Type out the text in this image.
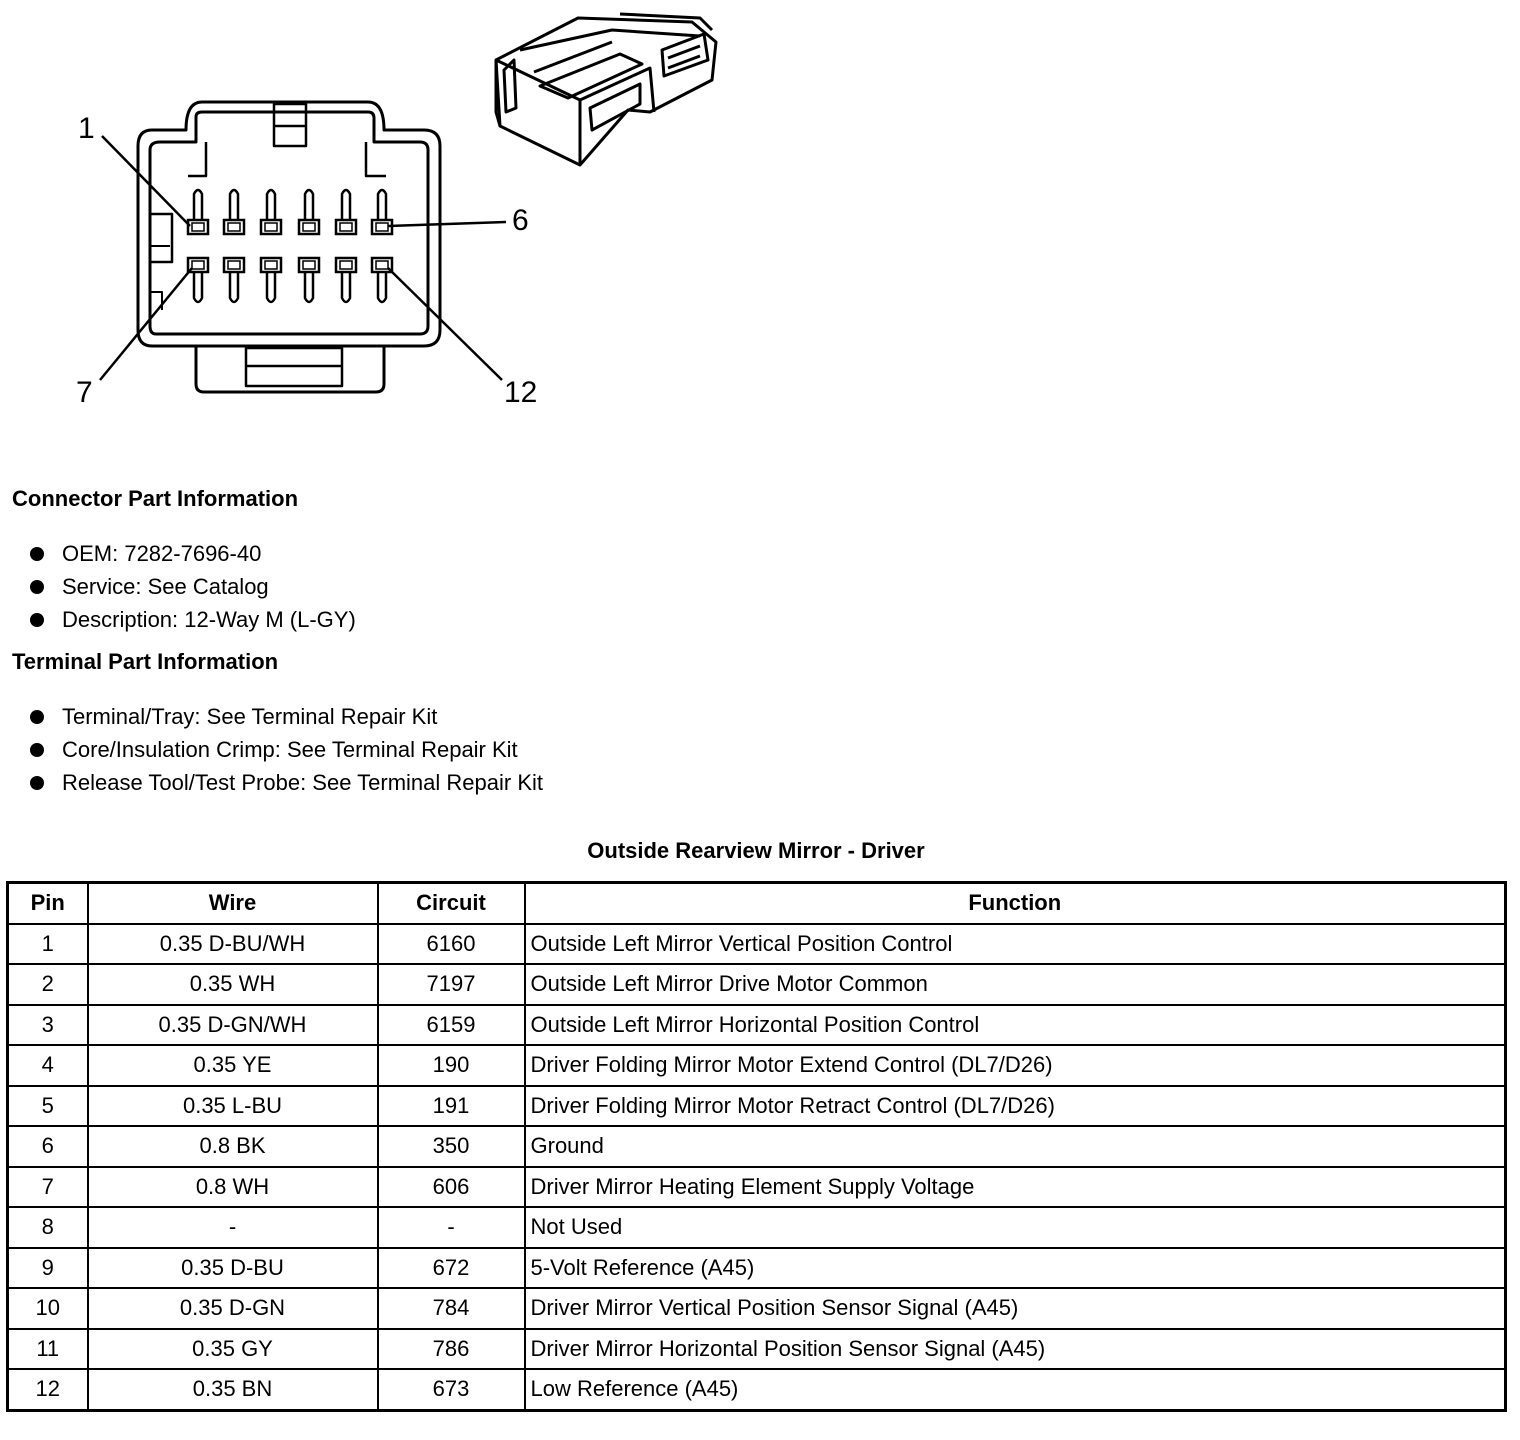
1
6
7	12
Connector Part Information
OEM: 7282-7696-40
Service: See Catalog
Description: 12-Way M (L-GY)
Terminal Part Information
Terminal/Tray: See Terminal Repair Kit
Core/Insulation Crimp: See Terminal Repair Kit
Release Tool/Test Probe: See Terminal Repair Kit
Outside Rearview Mirror - Driver
Pin	Wire	Circuit	Function
1	0.35 D-BU/WH	6160	Outside Left Mirror Vertical Position Control
2	0.35 WH	7197	Outside Left Mirror Drive Motor Common
3	0.35 D-GN/WH	6159	Outside Left Mirror Horizontal Position Control
4	0.35 YE	190	Driver Folding Mirror Motor Extend Control (DL7/D26)
5	0.35 L-BU	191	Driver Folding Mirror Motor Retract Control (DL7/D26)
6	0.8 BK	350	Ground
7	0.8 WH	606	Driver Mirror Heating Element Supply Voltage
8	-	-	Not Used
9	0.35 D-BU	672	5-Volt Reference (A45)
10	0.35 D-GN	784	Driver Mirror Vertical Position Sensor Signal (A45)
11	0.35 GY	786	Driver Mirror Horizontal Position Sensor Signal (A45)
12	0.35 BN	673	Low Reference (A45)
